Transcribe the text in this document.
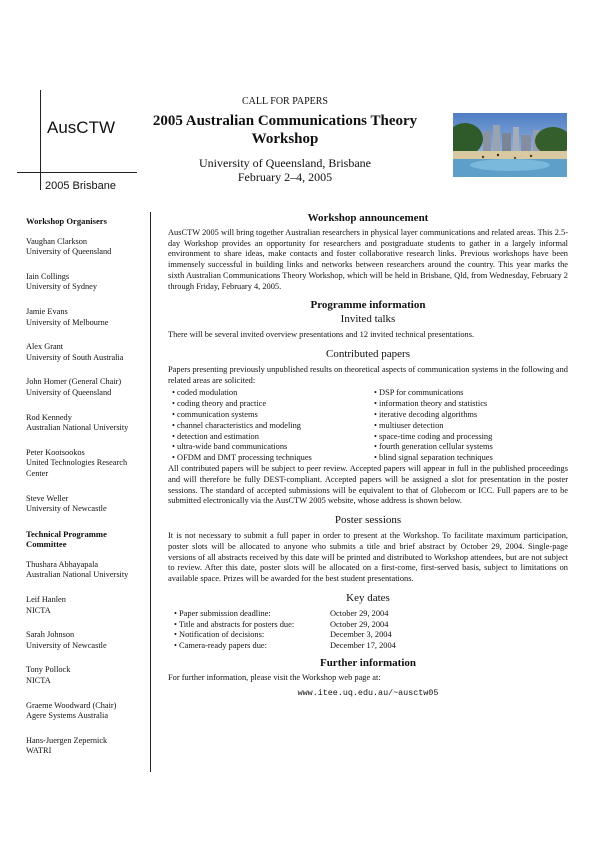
AusCTW
2005 Brisbane
CALL FOR PAPERS
2005 Australian Communications Theory
Workshop
University of Queensland, Brisbane
February 2–4, 2005
Workshop Organisers
Vaughan Clarkson
University of Queensland
Iain Collings
University of Sydney
Jamie Evans
University of Melbourne
Alex Grant
University of South Australia
John Homer (General Chair)
University of Queensland
Rod Kennedy
Australian National University
Peter Kootsookos
United Technologies Research Center
Steve Weller
University of Newcastle
Technical Programme Committee
Thushara Abhayapala
Australian National University
Leif Hanlen
NICTA
Sarah Johnson
University of Newcastle
Tony Pollock
NICTA
Graeme Woodward (Chair)
Agere Systems Australia
Hans-Juergen Zepernick
WATRI
Workshop announcement

AusCTW 2005 will bring together Australian researchers in physical layer communications and related areas. This 2.5-day Workshop provides an opportunity for researchers and postgraduate students to gather in a largely informal environment to share ideas, make contacts and foster collaborative research links. Previous workshops have been immensely successful in building links and networks between researchers around the country. This year marks the sixth Australian Communications Theory Workshop, which will be held in Brisbane, Qld, from Wednesday, February 2 through Friday, February 4, 2005.

Programme information
Invited talks

There will be several invited overview presentations and 12 invited technical presentations.

Contributed papers

Papers presenting previously unpublished results on theoretical aspects of communication systems in the following and related areas are solicited:

• coded modulation
• coding theory and practice
• communication systems
• channel characteristics and modeling
• detection and estimation
• ultra-wide band communications
• OFDM and DMT processing techniques
• DSP for communications
• information theory and statistics
• iterative decoding algorithms
• multiuser detection
• space-time coding and processing
• fourth generation cellular systems
• blind signal separation techniques

All contributed papers will be subject to peer review. Accepted papers will appear in full in the published proceedings and will therefore be fully DEST-compliant. Accepted papers will be assigned a slot for presentation in the poster sessions. The standard of accepted submissions will be equivalent to that of Globecom or ICC. Full papers are to be submitted electronically via the AusCTW 2005 website, whose address is shown below.

Poster sessions

It is not necessary to submit a full paper in order to present at the Workshop. To facilitate maximum participation, poster slots will be allocated to anyone who submits a title and brief abstract by October 29, 2004. Single-page versions of all abstracts received by this date will be printed and distributed to Workshop attendees, but are not subject to review. After this date, poster slots will be allocated on a first-come, first-served basis, subject to limitations on available space. Prizes will be awarded for the best student presentations.

Key dates
• Paper submission deadline:	October 29, 2004
• Title and abstracts for posters due:	October 29, 2004
• Notification of decisions:	December 3, 2004
• Camera-ready papers due:	December 17, 2004
Further information

For further information, please visit the Workshop web page at:

www.itee.uq.edu.au/~ausctw05
